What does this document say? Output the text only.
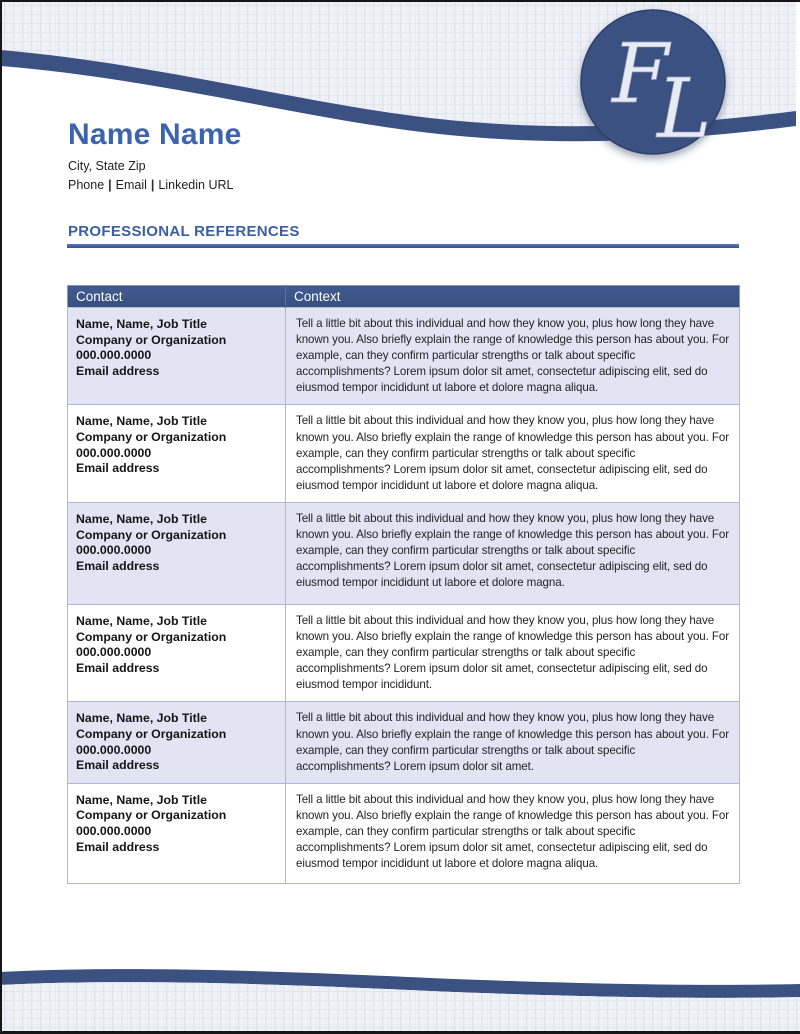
F
L
Name Name
City, State Zip
Phone | Email | Linkedin URL
PROFESSIONAL REFERENCES
Contact	Context

Name, Name, Job Title
Company or Organization
000.000.0000
Email address
	Tell a little bit about this individual and how they know you, plus how long they have known you. Also briefly explain the range of knowledge this person has about you. For example, can they confirm particular strengths or talk about specific accomplishments? Lorem ipsum dolor sit amet, consectetur adipiscing elit, sed do eiusmod tempor incididunt ut labore et dolore magna aliqua.

Name, Name, Job Title
Company or Organization
000.000.0000
Email address
	Tell a little bit about this individual and how they know you, plus how long they have known you. Also briefly explain the range of knowledge this person has about you. For example, can they confirm particular strengths or talk about specific accomplishments? Lorem ipsum dolor sit amet, consectetur adipiscing elit, sed do eiusmod tempor incididunt ut labore et dolore magna aliqua.

Name, Name, Job Title
Company or Organization
000.000.0000
Email address
	Tell a little bit about this individual and how they know you, plus how long they have known you. Also briefly explain the range of knowledge this person has about you. For example, can they confirm particular strengths or talk about specific accomplishments? Lorem ipsum dolor sit amet, consectetur adipiscing elit, sed do eiusmod tempor incididunt ut labore et dolore magna.

Name, Name, Job Title
Company or Organization
000.000.0000
Email address
	Tell a little bit about this individual and how they know you, plus how long they have known you. Also briefly explain the range of knowledge this person has about you. For example, can they confirm particular strengths or talk about specific accomplishments? Lorem ipsum dolor sit amet, consectetur adipiscing elit, sed do eiusmod tempor incididunt.

Name, Name, Job Title
Company or Organization
000.000.0000
Email address
	Tell a little bit about this individual and how they know you, plus how long they have known you. Also briefly explain the range of knowledge this person has about you. For example, can they confirm particular strengths or talk about specific accomplishments? Lorem ipsum dolor sit amet.

Name, Name, Job Title
Company or Organization
000.000.0000
Email address
	Tell a little bit about this individual and how they know you, plus how long they have known you. Also briefly explain the range of knowledge this person has about you. For example, can they confirm particular strengths or talk about specific accomplishments? Lorem ipsum dolor sit amet, consectetur adipiscing elit, sed do eiusmod tempor incididunt ut labore et dolore magna aliqua.
